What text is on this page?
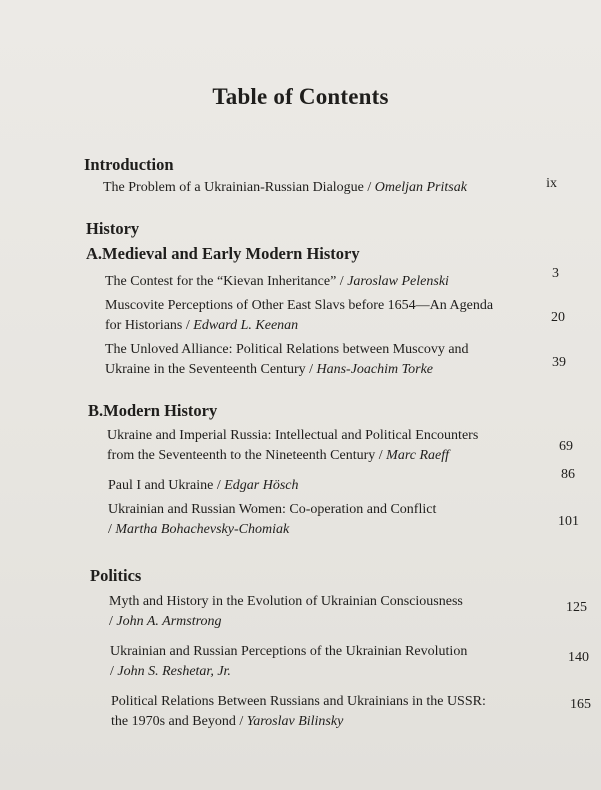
Table of Contents
Introduction
The Problem of a Ukrainian-Russian Dialogue / Omeljan Pritsak	ix
History
A.Medieval and Early Modern History
The Contest for the “Kievan Inheritance” / Jaroslaw Pelenski
3
Muscovite Perceptions of Other East Slavs before 1654—An Agenda
for Historians / Edward L. Keenan
20
The Unloved Alliance: Political Relations between Muscovy and
Ukraine in the Seventeenth Century / Hans-Joachim Torke	39
B.Modern History
Ukraine and Imperial Russia: Intellectual and Political Encounters
from the Seventeenth to the Nineteenth Century / Marc Raeff
69
Paul I and Ukraine / Edgar Hösch
86
Ukrainian and Russian Women: Co-operation and Conflict
/ Martha Bohachevsky-Chomiak
101
Politics
Myth and History in the Evolution of Ukrainian Consciousness
/ John A. Armstrong
125
Ukrainian and Russian Perceptions of the Ukrainian Revolution
/ John S. Reshetar, Jr.
140
Political Relations Between Russians and Ukrainians in the USSR:
the 1970s and Beyond / Yaroslav Bilinsky
165
